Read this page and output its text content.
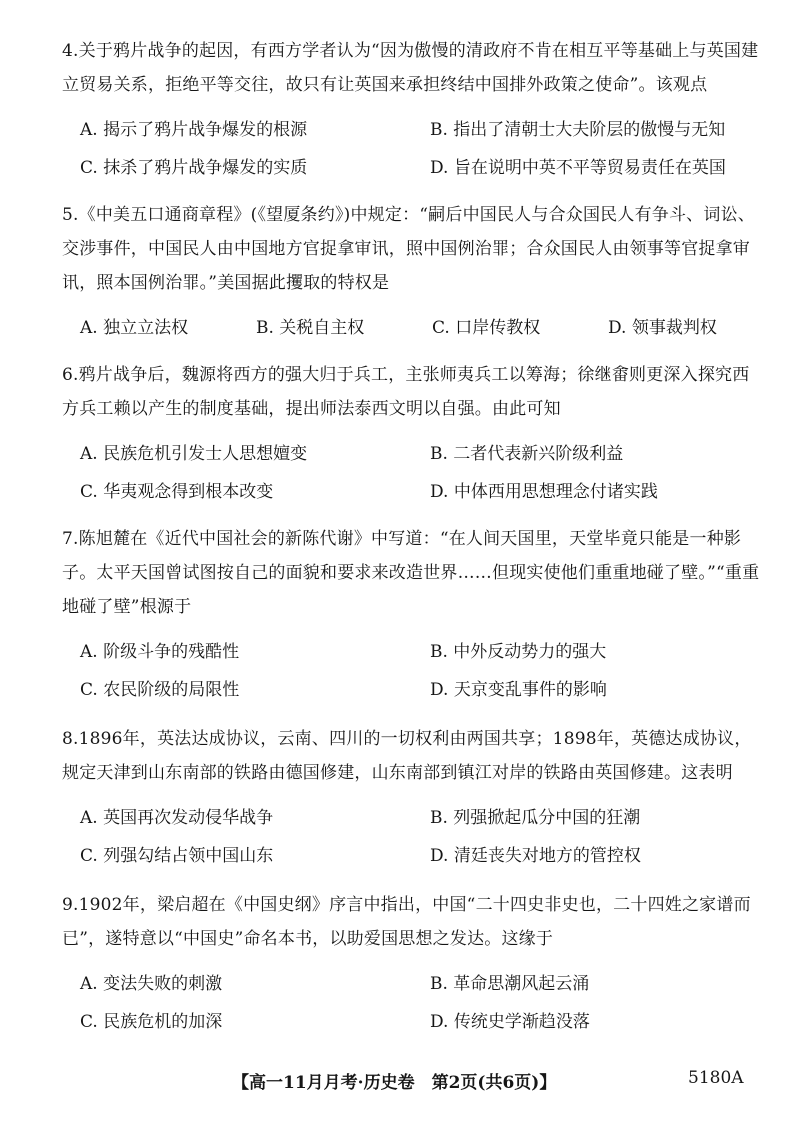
4.关于鸦片战争的起因，有西方学者认为“因为傲慢的清政府不肯在相互平等基础上与英国建立贸易关系，拒绝平等交往，故只有让英国来承担终结中国排外政策之使命”。该观点

A. 揭示了鸦片战争爆发的根源	B. 指出了清朝士大夫阶层的傲慢与无知
C. 抹杀了鸦片战争爆发的实质	D. 旨在说明中英不平等贸易责任在英国

5.《中美五口通商章程》(《望厦条约》)中规定：“嗣后中国民人与合众国民人有争斗、词讼、交涉事件，中国民人由中国地方官捉拿审讯，照中国例治罪；合众国民人由领事等官捉拿审讯，照本国例治罪。”美国据此攫取的特权是

A. 独立立法权	B. 关税自主权	C. 口岸传教权	D. 领事裁判权

6.鸦片战争后，魏源将西方的强大归于兵工，主张师夷兵工以筹海；徐继畬则更深入探究西方兵工赖以产生的制度基础，提出师法泰西文明以自强。由此可知

A. 民族危机引发士人思想嬗变	B. 二者代表新兴阶级利益
C. 华夷观念得到根本改变	D. 中体西用思想理念付诸实践

7.陈旭麓在《近代中国社会的新陈代谢》中写道：“在人间天国里，天堂毕竟只能是一种影子。太平天国曾试图按自己的面貌和要求来改造世界……但现实使他们重重地碰了壁。”“重重地碰了壁”根源于

A. 阶级斗争的残酷性	B. 中外反动势力的强大
C. 农民阶级的局限性	D. 天京变乱事件的影响

8.1896年，英法达成协议，云南、四川的一切权利由两国共享；1898年，英德达成协议，规定天津到山东南部的铁路由德国修建，山东南部到镇江对岸的铁路由英国修建。这表明

A. 英国再次发动侵华战争	B. 列强掀起瓜分中国的狂潮
C. 列强勾结占领中国山东	D. 清廷丧失对地方的管控权

9.1902年，梁启超在《中国史纲》序言中指出，中国“二十四史非史也，二十四姓之家谱而已”，遂特意以“中国史”命名本书，以助爱国思想之发达。这缘于

A. 变法失败的刺激	B. 革命思潮风起云涌
C. 民族危机的加深	D. 传统史学渐趋没落
【高一11月月考·历史卷　第2页(共6页)】	5180A
